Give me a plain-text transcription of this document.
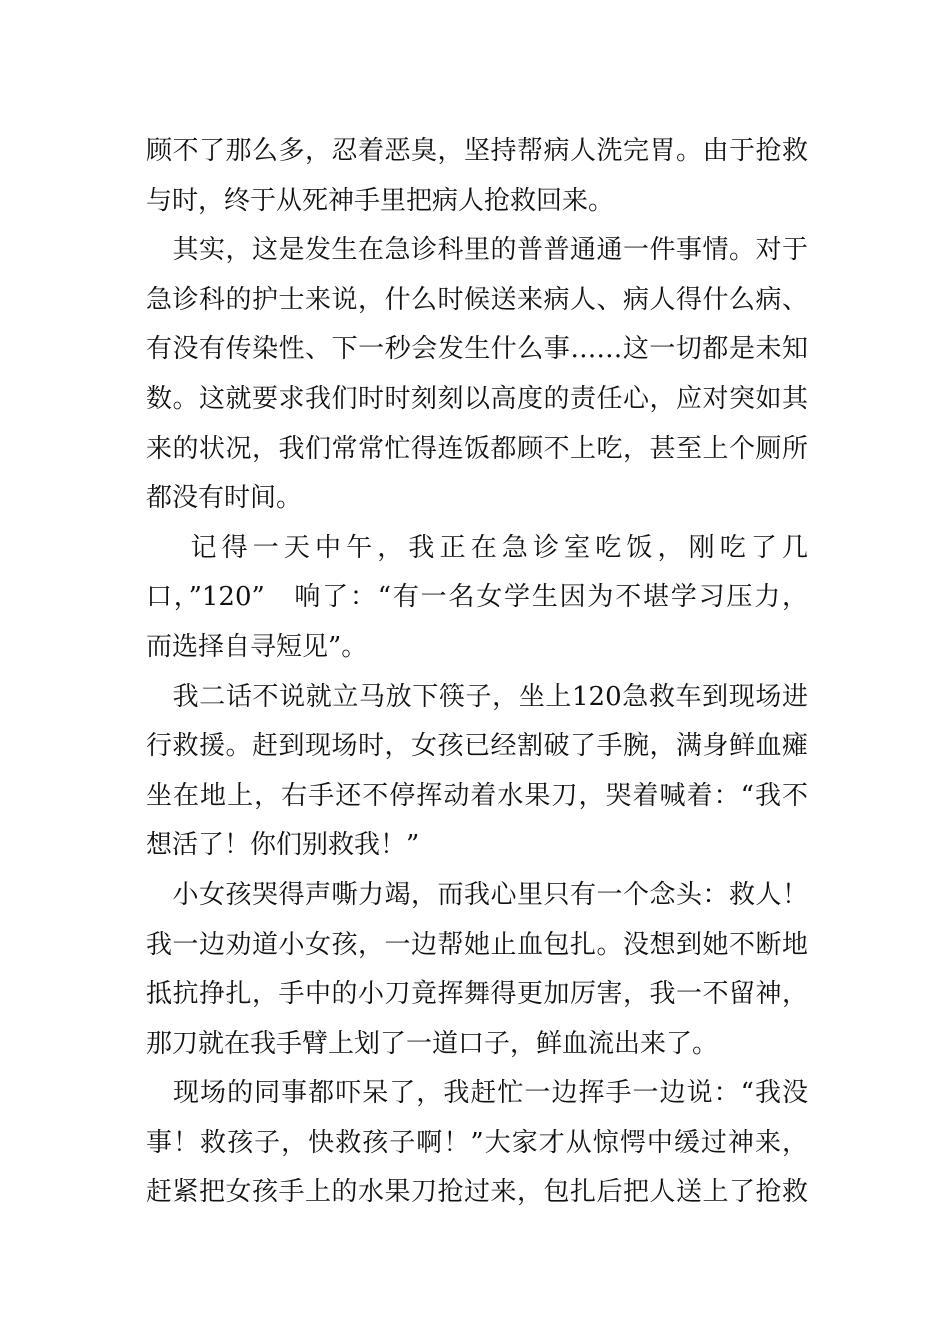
顾不了那么多，忍着恶臭，坚持帮病人洗完胃。由于抢救
与时，终于从死神手里把病人抢救回来。

　其实，这是发生在急诊科里的普普通通一件事情。对于
急诊科的护士来说，什么时候送来病人、病人得什么病、
有没有传染性、下一秒会发生什么事……这一切都是未知
数。这就要求我们时时刻刻以高度的责任心，应对突如其
来的状况，我们常常忙得连饭都顾不上吃，甚至上个厕所
都没有时间。

　 记得一天中午，我正在急诊室吃饭，刚吃了几
口，”120”　响了：“有一名女学生因为不堪学习压力，
而选择自寻短见”。

　我二话不说就立马放下筷子，坐上120急救车到现场进
行救援。赶到现场时，女孩已经割破了手腕，满身鲜血瘫
坐在地上，右手还不停挥动着水果刀，哭着喊着：“我不
想活了！你们别救我！”

　小女孩哭得声嘶力竭，而我心里只有一个念头：救人！
我一边劝道小女孩，一边帮她止血包扎。没想到她不断地
抵抗挣扎，手中的小刀竟挥舞得更加厉害，我一不留神，
那刀就在我手臂上划了一道口子，鲜血流出来了。

　现场的同事都吓呆了，我赶忙一边挥手一边说：“我没
事！救孩子，快救孩子啊！”大家才从惊愕中缓过神来，
赶紧把女孩手上的水果刀抢过来，包扎后把人送上了抢救
